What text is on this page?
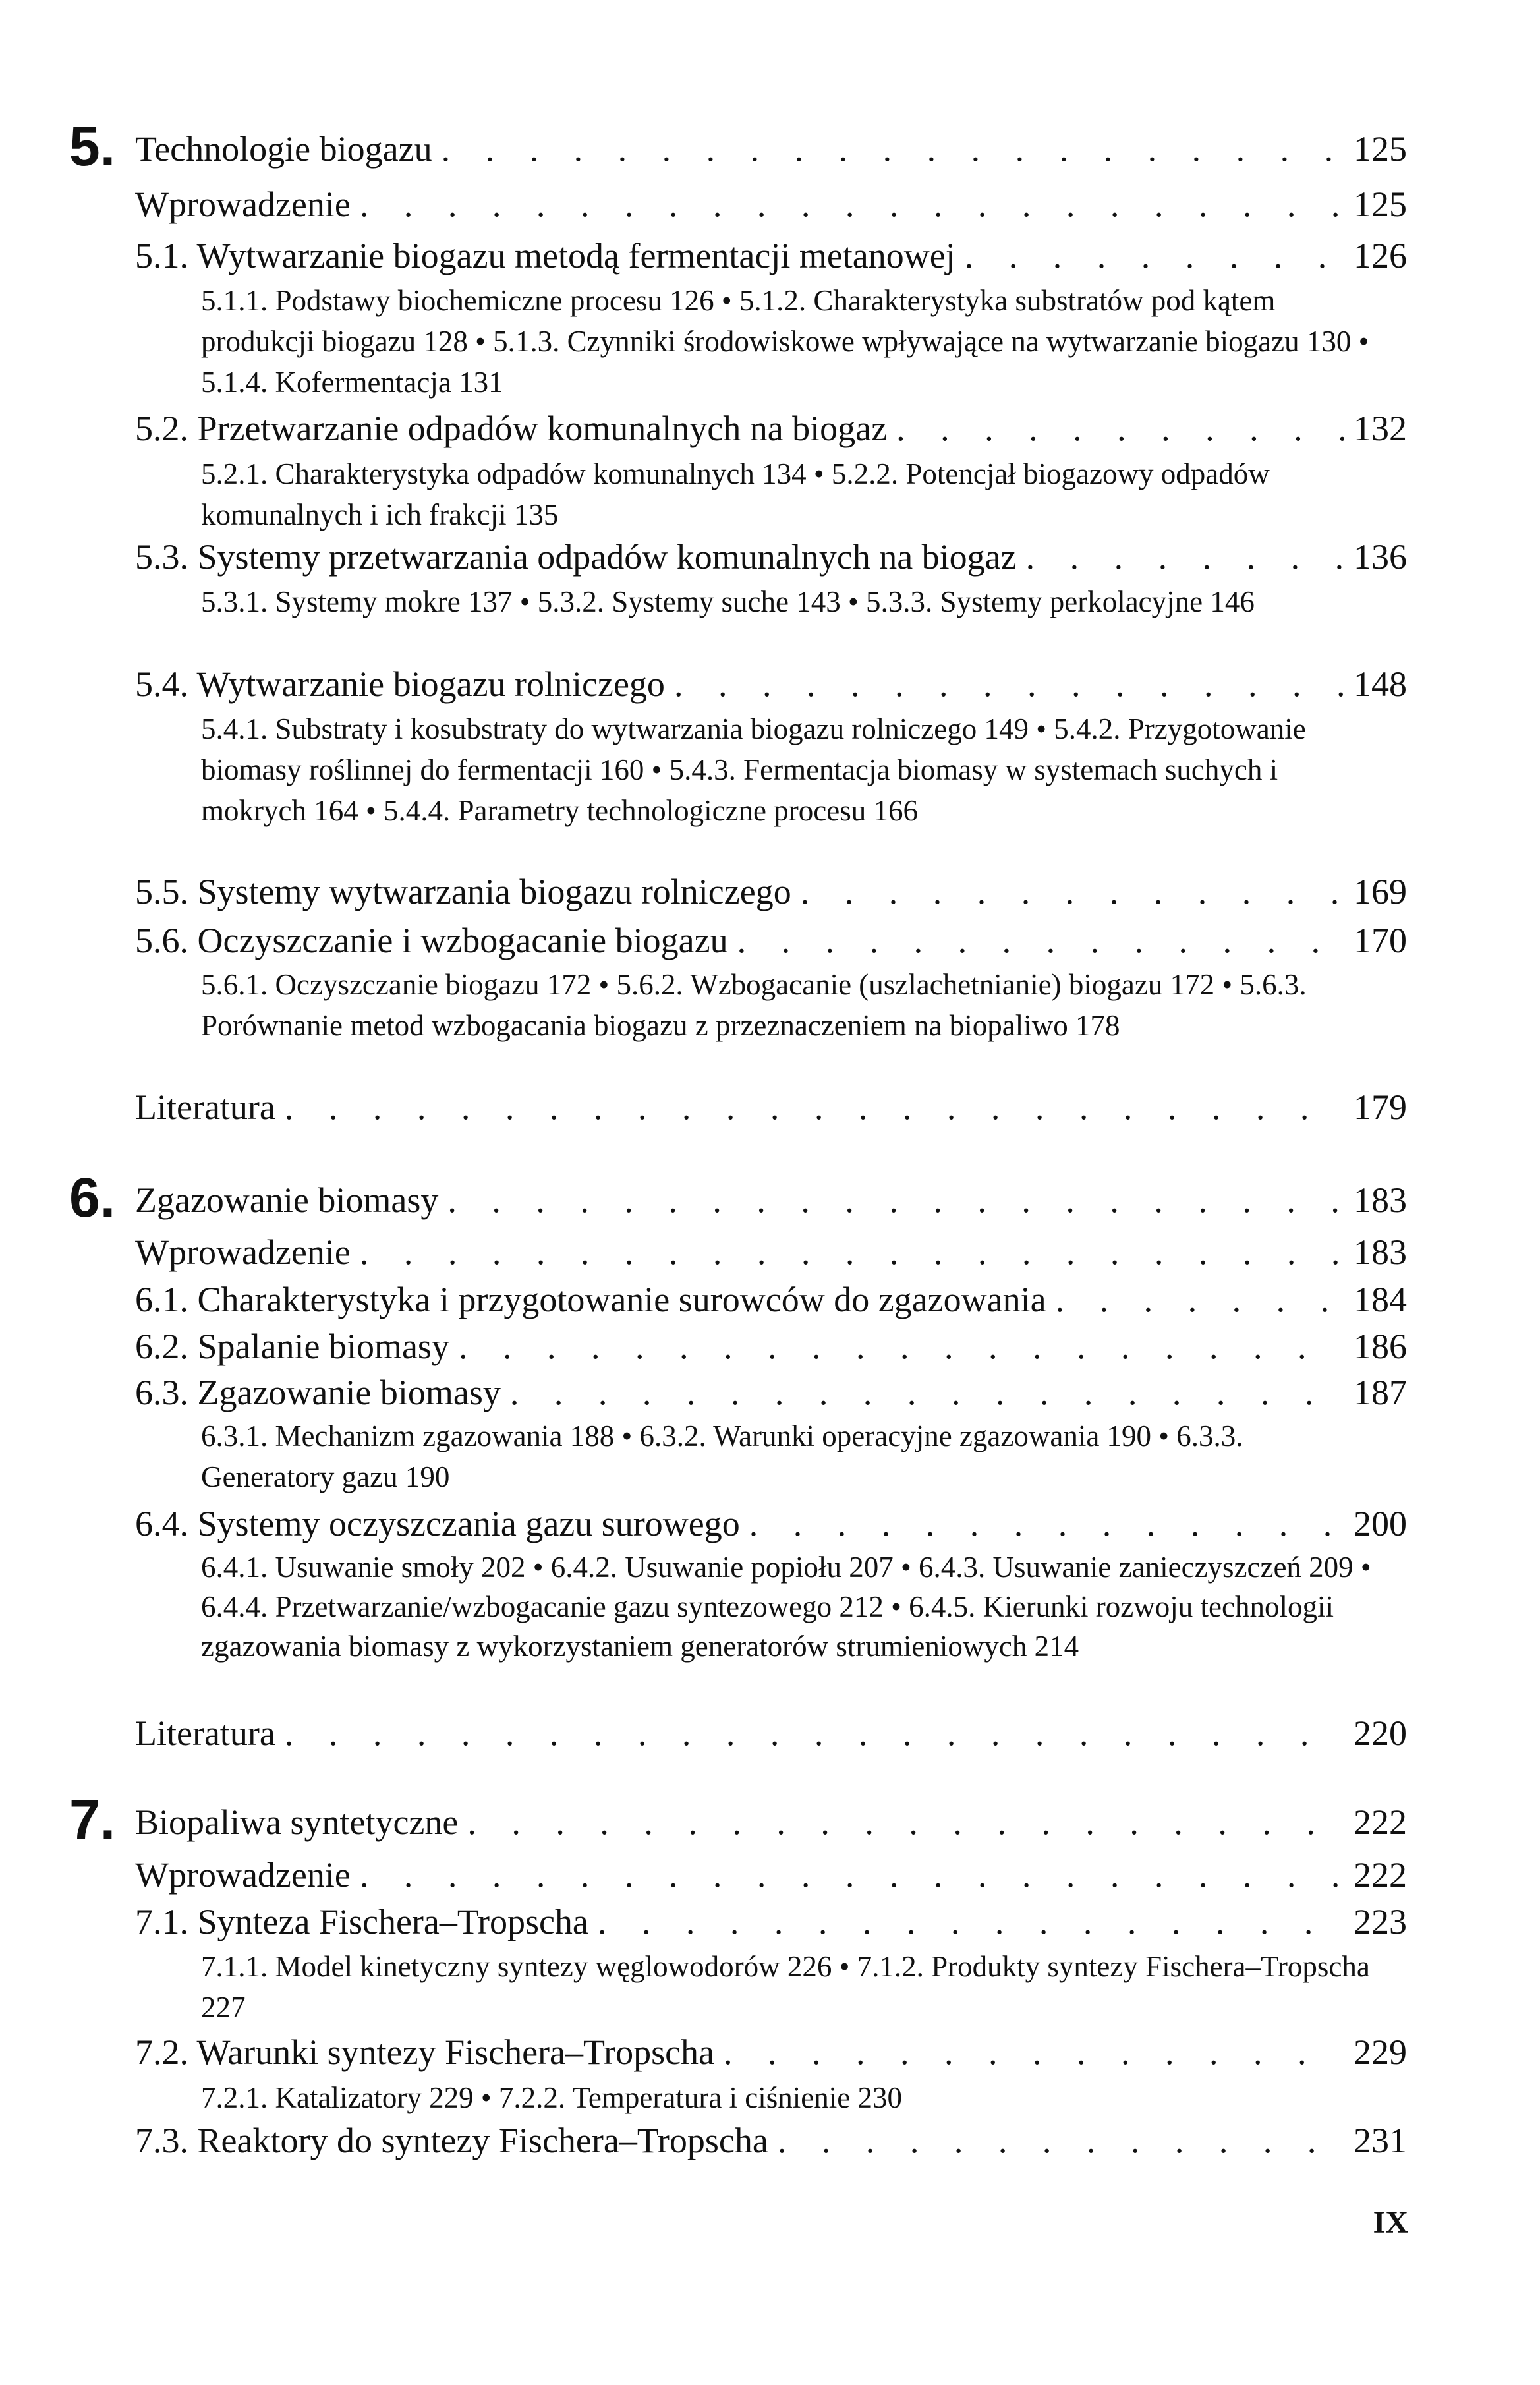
5. Technologie biogazu . . .	125
Wprowadzenie . . .	125
5.1. Wytwarzanie biogazu metodą fermentacji metanowej . . .	126
5.1.1. Podstawy biochemiczne procesu 126 • 5.1.2. Charakterystyka substratów pod kątem produkcji biogazu 128 • 5.1.3. Czynniki środowiskowe wpływające na wytwarzanie biogazu 130 • 5.1.4. Kofermentacja 131
5.2. Przetwarzanie odpadów komunalnych na biogaz . . .	132
5.2.1. Charakterystyka odpadów komunalnych 134 • 5.2.2. Potencjał biogazowy odpadów komunalnych i ich frakcji 135
5.3. Systemy przetwarzania odpadów komunalnych na biogaz . . .	136
5.3.1. Systemy mokre 137 • 5.3.2. Systemy suche 143 • 5.3.3. Systemy perkolacyjne 146
5.4. Wytwarzanie biogazu rolniczego . . .	148
5.4.1. Substraty i kosubstraty do wytwarzania biogazu rolniczego 149 • 5.4.2. Przygotowanie biomasy roślinnej do fermentacji 160 • 5.4.3. Fermentacja biomasy w systemach suchych i mokrych 164 • 5.4.4. Parametry technologiczne procesu 166
5.5. Systemy wytwarzania biogazu rolniczego . . .	169
5.6. Oczyszczanie i wzbogacanie biogazu . . .	170
5.6.1. Oczyszczanie biogazu 172 • 5.6.2. Wzbogacanie (uszlachetnianie) biogazu 172 • 5.6.3. Porównanie metod wzbogacania biogazu z przeznaczeniem na biopaliwo 178
Literatura . . .	179
6. Zgazowanie biomasy . . .	183
Wprowadzenie . . .	183
6.1. Charakterystyka i przygotowanie surowców do zgazowania . . .	184
6.2. Spalanie biomasy . . .	186
6.3. Zgazowanie biomasy . . .	187
6.3.1. Mechanizm zgazowania 188 • 6.3.2. Warunki operacyjne zgazowania 190 • 6.3.3. Generatory gazu 190
6.4. Systemy oczyszczania gazu surowego . . .	200
6.4.1. Usuwanie smoły 202 • 6.4.2. Usuwanie popiołu 207 • 6.4.3. Usuwanie zanieczyszczeń 209 • 6.4.4. Przetwarzanie/wzbogacanie gazu syntezowego 212 • 6.4.5. Kierunki rozwoju technologii zgazowania biomasy z wykorzystaniem generatorów strumieniowych 214
Literatura . . .	220
7. Biopaliwa syntetyczne . . .	222
Wprowadzenie . . .	222
7.1. Synteza Fischera–Tropscha . . .	223
7.1.1. Model kinetyczny syntezy węglowodorów 226 • 7.1.2. Produkty syntezy Fischera–Tropscha 227
7.2. Warunki syntezy Fischera–Tropscha . . .	229
7.2.1. Katalizatory 229 • 7.2.2. Temperatura i ciśnienie 230
7.3. Reaktory do syntezy Fischera–Tropscha . . .	231
IX
